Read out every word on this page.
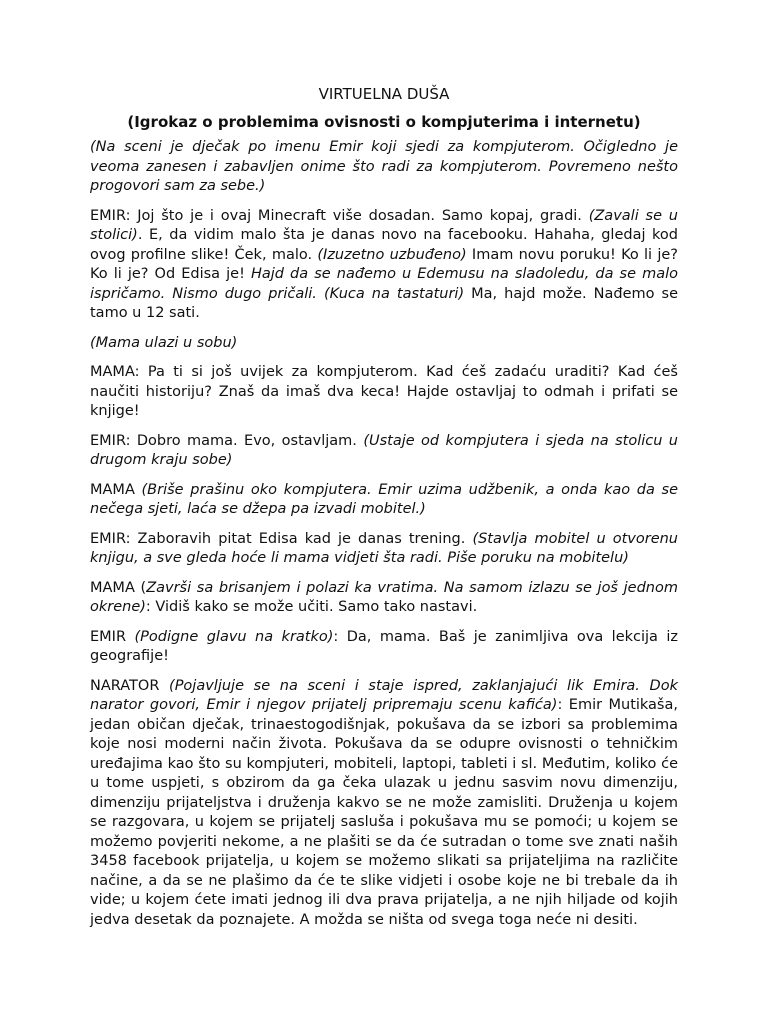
VIRTUELNA DUŠA
(Igrokaz o problemima ovisnosti o kompjuterima i internetu)

(Na sceni je dječak po imenu Emir koji sjedi za kompjuterom. Očigledno je veoma zanesen i zabavljen onime što radi za kompjuterom. Povremeno nešto progovori sam za sebe.)

EMIR: Joj što je i ovaj Minecraft više dosadan. Samo kopaj, gradi. (Zavali se u stolici). E, da vidim malo šta je danas novo na facebooku. Hahaha, gledaj kod ovog profilne slike! Ček, malo. (Izuzetno uzbuđeno) Imam novu poruku! Ko li je? Ko li je? Od Edisa je! Hajd da se nađemo u Edemusu na sladoledu, da se malo ispričamo. Nismo dugo pričali. (Kuca na tastaturi) Ma, hajd može. Nađemo se tamo u 12 sati.

(Mama ulazi u sobu)

MAMA: Pa ti si još uvijek za kompjuterom. Kad ćeš zadaću uraditi? Kad ćeš naučiti historiju? Znaš da imaš dva keca! Hajde ostavljaj to odmah i prifati se knjige!

EMIR: Dobro mama. Evo, ostavljam. (Ustaje od kompjutera i sjeda na stolicu u drugom kraju sobe)

MAMA (Briše prašinu oko kompjutera. Emir uzima udžbenik, a onda kao da se nečega sjeti, laća se džepa pa izvadi mobitel.)

EMIR: Zaboravih pitat Edisa kad je danas trening. (Stavlja mobitel u otvorenu knjigu, a sve gleda hoće li mama vidjeti šta radi. Piše poruku na mobitelu)

MAMA (Završi sa brisanjem i polazi ka vratima. Na samom izlazu se još jednom okrene): Vidiš kako se može učiti. Samo tako nastavi.

EMIR (Podigne glavu na kratko): Da, mama. Baš je zanimljiva ova lekcija iz geografije!

NARATOR (Pojavljuje se na sceni i staje ispred, zaklanjajući lik Emira. Dok narator govori, Emir i njegov prijatelj pripremaju scenu kafića): Emir Mutikaša, jedan običan dječak, trinaestogodišnjak, pokušava da se izbori sa problemima koje nosi moderni način života. Pokušava da se odupre ovisnosti o tehničkim uređajima kao što su kompjuteri, mobiteli, laptopi, tableti i sl. Međutim, koliko će u tome uspjeti, s obzirom da ga čeka ulazak u jednu sasvim novu dimenziju, dimenziju prijateljstva i druženja kakvo se ne može zamisliti. Druženja u kojem se razgovara, u kojem se prijatelj sasluša i pokušava mu se pomoći; u kojem se možemo povjeriti nekome, a ne plašiti se da će sutradan o tome sve znati naših 3458 facebook prijatelja, u kojem se možemo slikati sa prijateljima na različite načine, a da se ne plašimo da će te slike vidjeti i osobe koje ne bi trebale da ih vide; u kojem ćete imati jednog ili dva prava prijatelja, a ne njih hiljade od kojih jedva desetak da poznajete. A možda se ništa od svega toga neće ni desiti.
